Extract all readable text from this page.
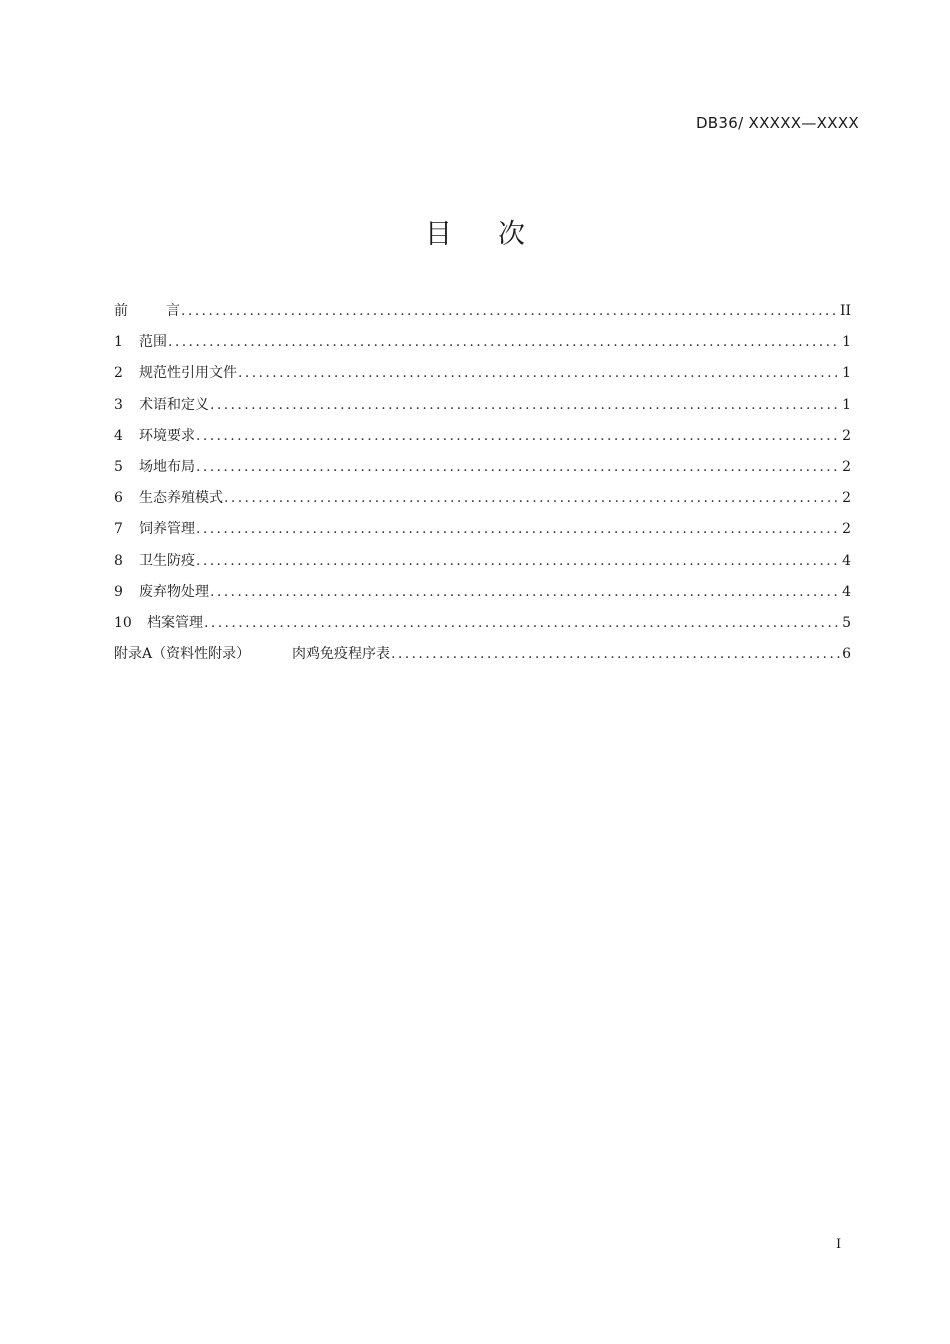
DB36/ XXXXX—XXXX
目 次
前	言 .....	II
1 范围 .....	1
2 规范性引用文件 .....	1
3 术语和定义 .....	1
4 环境要求 .....	2
5 场地布局 .....	2
6 生态养殖模式 .....	2
7 饲养管理 .....	2
8 卫生防疫 .....	4
9 废弃物处理 .....	4
10 档案管理 .....	5
附录A（资料性附录）	肉鸡免疫程序表 .....	6
I
